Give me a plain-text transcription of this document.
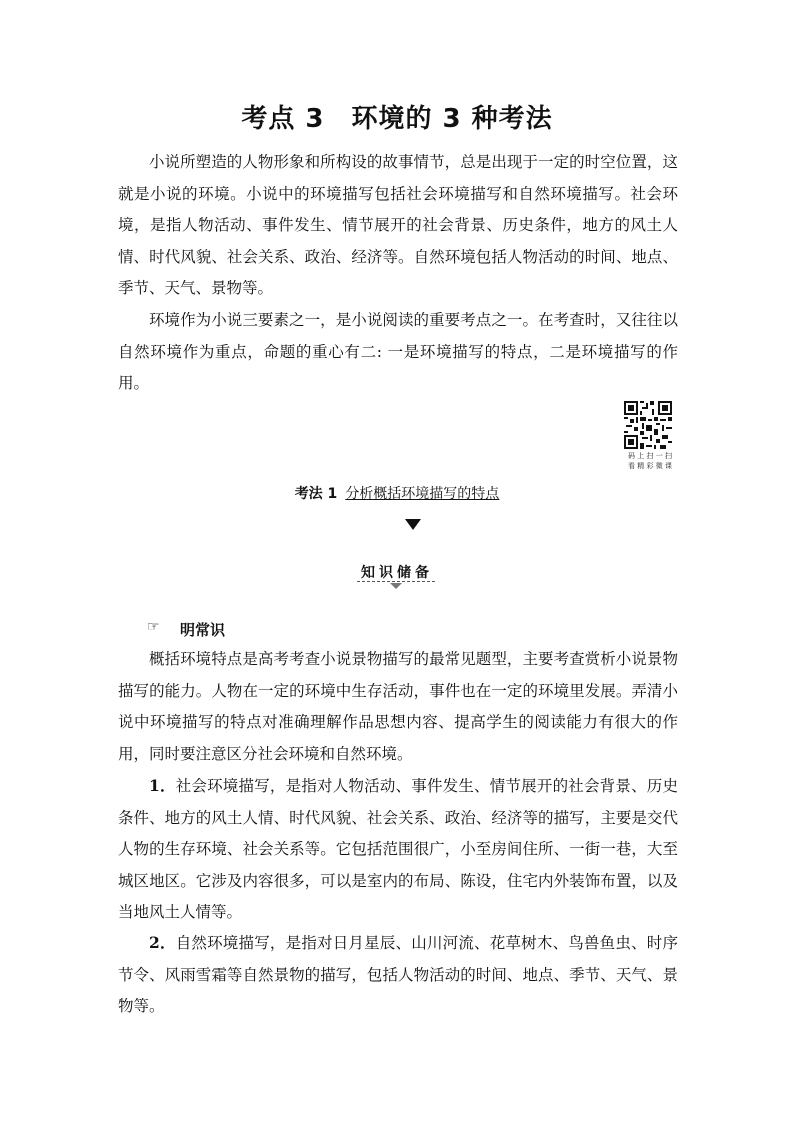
考点 3　环境的 3 种考法

小说所塑造的人物形象和所构设的故事情节，总是出现于一定的时空位置，这就是小说的环境。小说中的环境描写包括社会环境描写和自然环境描写。社会环境，是指人物活动、事件发生、情节展开的社会背景、历史条件，地方的风土人情、时代风貌、社会关系、政治、经济等。自然环境包括人物活动的时间、地点、季节、天气、景物等。

环境作为小说三要素之一，是小说阅读的重要考点之一。在考查时，又往往以自然环境作为重点，命题的重心有二: 一是环境描写的特点，二是环境描写的作用。

码 上 扫 一 扫
看 精 彩 微 课
考法 1 分析概括环境描写的特点
知识储备
☞ 明常识

概括环境特点是高考考查小说景物描写的最常见题型，主要考查赏析小说景物描写的能力。人物在一定的环境中生存活动，事件也在一定的环境里发展。弄清小说中环境描写的特点对准确理解作品思想内容、提高学生的阅读能力有很大的作用，同时要注意区分社会环境和自然环境。

1．社会环境描写，是指对人物活动、事件发生、情节展开的社会背景、历史条件、地方的风土人情、时代风貌、社会关系、政治、经济等的描写，主要是交代人物的生存环境、社会关系等。它包括范围很广，小至房间住所、一街一巷，大至城区地区。它涉及内容很多，可以是室内的布局、陈设，住宅内外装饰布置，以及当地风土人情等。

2．自然环境描写，是指对日月星辰、山川河流、花草树木、鸟兽鱼虫、时序节令、风雨雪霜等自然景物的描写，包括人物活动的时间、地点、季节、天气、景物等。
